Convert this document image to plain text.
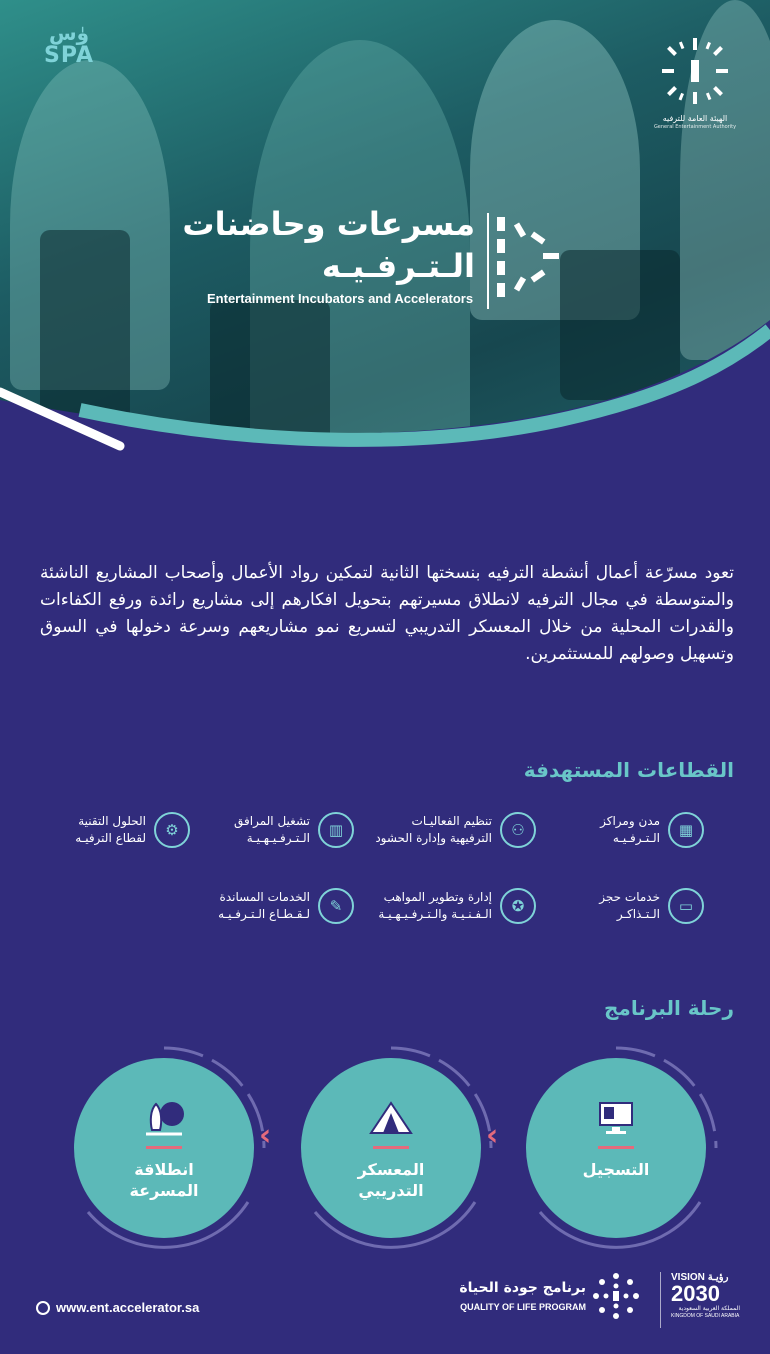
وٰس
SPA
الهيئة العامة للترفيه
General Entertainment Authority
مسرعات وحاضنات
الـتـرفـيـه
Entertainment Incubators and Accelerators
تعود مسرّعة أعمال أنشطة الترفيه بنسختها الثانية لتمكين رواد الأعمال وأصحاب المشاريع الناشئة والمتوسطة في مجال الترفيه لانطلاق مسيرتهم بتحويل افكارهم إلى مشاريع رائدة ورفع الكفاءات والقدرات المحلية من خلال المعسكر التدريبي لتسريع نمو مشاريعهم وسرعة دخولها في السوق وتسهيل وصولهم للمستثمرين.
القطاعات المستهدفة
▦
مدن ومراكز
الـتـرفـيـه
⚇
تنظيم الفعاليـات
الترفيهية وإدارة الحشود
▥
تشغيل المرافق
الـتـرفـيـهـيـة
⚙
الحلول التقنية
لقطاع الترفيـه
▭
خدمات حجز
الـتـذاكـر
✪
إدارة وتطوير المواهب
الـفـنـيـة والـتـرفـيـهـيـة
✎
الخدمات المساندة
لـقـطـاع الـتـرفـيـه
رحلة البرنامج
التسجيل
المعسكر
التدريبي
انطلاقة
المسرعة
‹
‹
www.ent.accelerator.sa
برنامج جودة الحياة
QUALITY OF LIFE PROGRAM
VISION رؤيـة
2030
المملكة العربية السعودية
KINGDOM OF SAUDI ARABIA
